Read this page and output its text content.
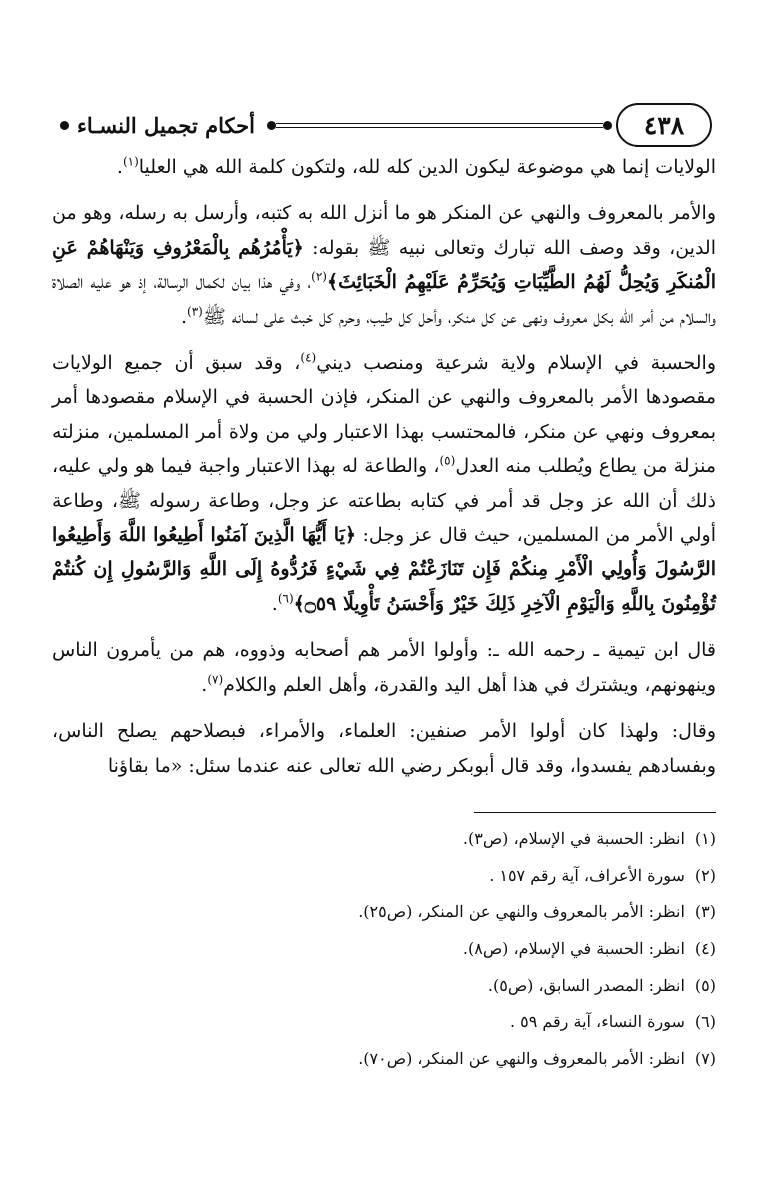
٤٣٨
أحكام تجميل النسـاء

الولايات إنما هي موضوعة ليكون الدين كله لله، ولتكون كلمة الله هي العليا$^{(١)}$.

والأمر بالمعروف والنهي عن المنكر هو ما أنزل الله به كتبه، وأرسل به رسله، وهو من الدين، وقد وصف الله تبارك وتعالى نبيه ﷺ بقوله: ﴿يَأْمُرُهُم بِالْمَعْرُوفِ وَيَنْهَاهُمْ عَنِ الْمُنكَرِ وَيُحِلُّ لَهُمُ الطَّيِّبَاتِ وَيُحَرِّمُ عَلَيْهِمُ الْخَبَائِثَ﴾$^{(٢)}$، وفي هذا بيان لكمال الرسالة، إذ هو عليه الصلاة والسلام من أمر الله بكل معروف ونهى عن كل منكر، وأحل كل طيب، وحرم كل خبث على لسانه ﷺ$^{(٣)}$.

والحسبة في الإسلام ولاية شرعية ومنصب ديني$^{(٤)}$، وقد سبق أن جميع الولايات مقصودها الأمر بالمعروف والنهي عن المنكر، فإذن الحسبة في الإسلام مقصودها أمر بمعروف ونهي عن منكر، فالمحتسب بهذا الاعتبار ولي من ولاة أمر المسلمين، منزلته منزلة من يطاع ويُطلب منه العدل$^{(٥)}$، والطاعة له بهذا الاعتبار واجبة فيما هو ولي عليه، ذلك أن الله عز وجل قد أمر في كتابه بطاعته عز وجل، وطاعة رسوله ﷺ، وطاعة أولي الأمر من المسلمين، حيث قال عز وجل: ﴿يَا أَيُّهَا الَّذِينَ آمَنُوا أَطِيعُوا اللَّهَ وَأَطِيعُوا الرَّسُولَ وَأُولِي الْأَمْرِ مِنكُمْ فَإِن تَنَازَعْتُمْ فِي شَيْءٍ فَرُدُّوهُ إِلَى اللَّهِ وَالرَّسُولِ إِن كُنتُمْ تُؤْمِنُونَ بِاللَّهِ وَالْيَوْمِ الْآخِرِ ذَلِكَ خَيْرٌ وَأَحْسَنُ تَأْوِيلًا ۝٥٩﴾$^{(٦)}$.

قال ابن تيمية ـ رحمه الله ـ: وأولوا الأمر هم أصحابه وذووه، هم من يأمرون الناس وينهونهم، ويشترك في هذا أهل اليد والقدرة، وأهل العلم والكلام$^{(٧)}$.

وقال: ولهذا كان أولوا الأمر صنفين: العلماء، والأمراء، فبصلاحهم يصلح الناس، وبفسادهم يفسدوا، وقد قال أبوبكر رضي الله تعالى عنه عندما سئل: «ما بقاؤنا

(١)
انظر: الحسبة في الإسلام، (ص٣).
(٢)
سورة الأعراف، آية رقم ١٥٧ .
(٣)
انظر: الأمر بالمعروف والنهي عن المنكر، (ص٢٥).
(٤)
انظر: الحسبة في الإسلام، (ص٨).
(٥)
انظر: المصدر السابق، (ص٥).
(٦)
سورة النساء، آية رقم ٥٩ .
(٧)
انظر: الأمر بالمعروف والنهي عن المنكر، (ص٧٠).
